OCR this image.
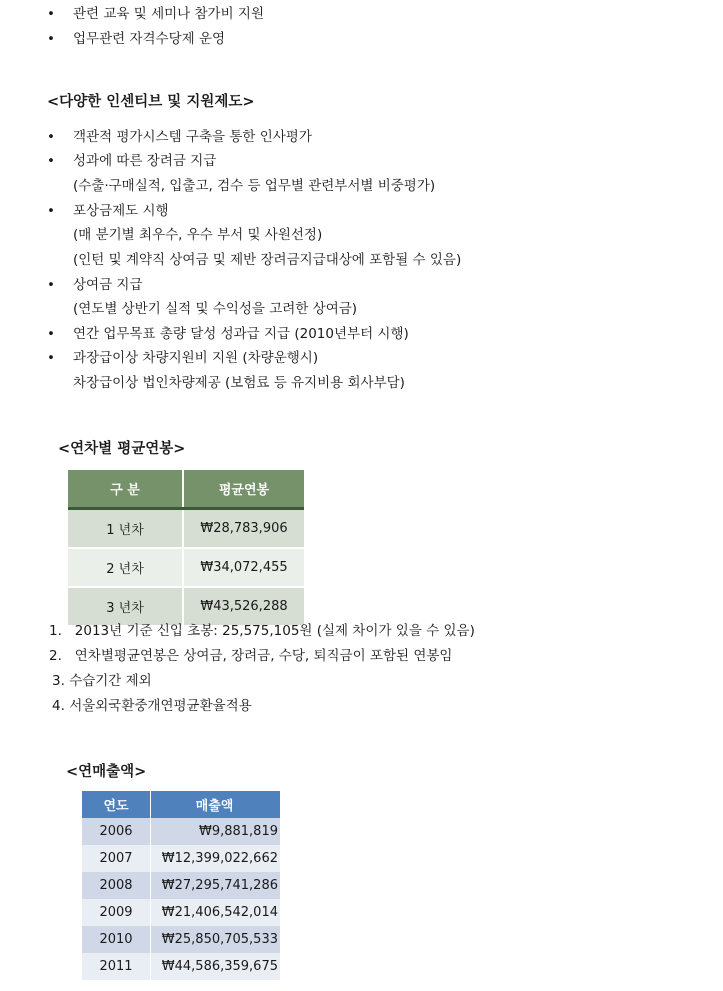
• 관련 교육 및 세미나 참가비 지원
• 업무관련 자격수당제 운영
<다양한 인센티브 및 지원제도>
• 객관적 평가시스템 구축을 통한 인사평가
• 성과에 따른 장려금 지급
(수출·구매실적, 입출고, 검수 등 업무별 관련부서별 비중평가)
• 포상금제도 시행
(매 분기별 최우수, 우수 부서 및 사원선정)
(인턴 및 계약직 상여금 및 제반 장려금지급대상에 포함될 수 있음)
• 상여금 지급
(연도별 상반기 실적 및 수익성을 고려한 상여금)
• 연간 업무목표 총량 달성 성과급 지급 (2010년부터 시행)
• 과장급이상 차량지원비 지원 (차량운행시)
차장급이상 법인차량제공 (보험료 등 유지비용 회사부담)
<연차별 평균연봉>
구 분	평균연봉
1 년차	₩28,783,906
2 년차	₩34,072,455
3 년차	₩43,526,288
1. 2013년 기준 신입 초봉: 25,575,105원 (실제 차이가 있을 수 있음)
2. 연차별평균연봉은 상여금, 장려금, 수당, 퇴직금이 포함된 연봉임
3. 수습기간 제외
4. 서울외국환중개연평균환율적용
<연매출액>
연도	매출액
2006	₩9,881,819
2007	₩12,399,022,662
2008	₩27,295,741,286
2009	₩21,406,542,014
2010	₩25,850,705,533
2011	₩44,586,359,675
